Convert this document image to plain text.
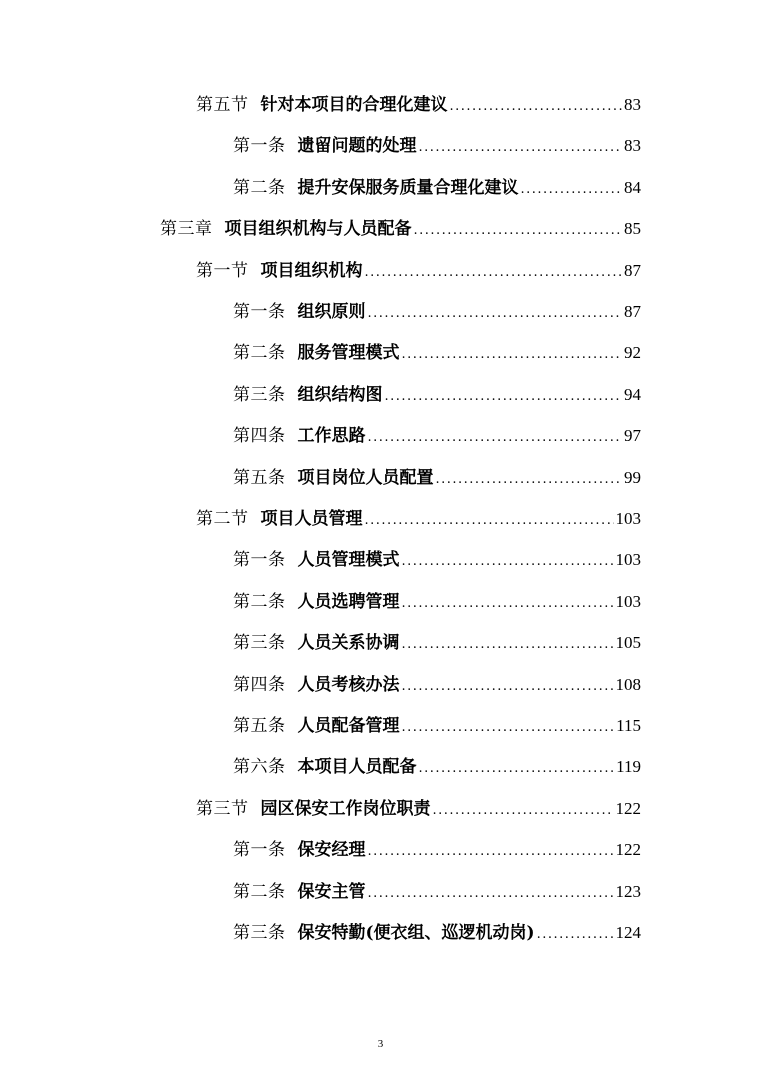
第五节 针对本项目的合理化建议 .....	83
第一条 遗留问题的处理 .....	83
第二条 提升安保服务质量合理化建议 .....	84
第三章 项目组织机构与人员配备 .....	85
第一节 项目组织机构 .....	87
第一条 组织原则 .....	87
第二条 服务管理模式 .....	92
第三条 组织结构图 .....	94
第四条 工作思路 .....	97
第五条 项目岗位人员配置 .....	99
第二节 项目人员管理 .....	103
第一条 人员管理模式 .....	103
第二条 人员选聘管理 .....	103
第三条 人员关系协调 .....	105
第四条 人员考核办法 .....	108
第五条 人员配备管理 .....	115
第六条 本项目人员配备 .....	119
第三节 园区保安工作岗位职责 .....	122
第一条 保安经理 .....	122
第二条 保安主管 .....	123
第三条 保安特勤(便衣组、巡逻机动岗) .....	124
3
